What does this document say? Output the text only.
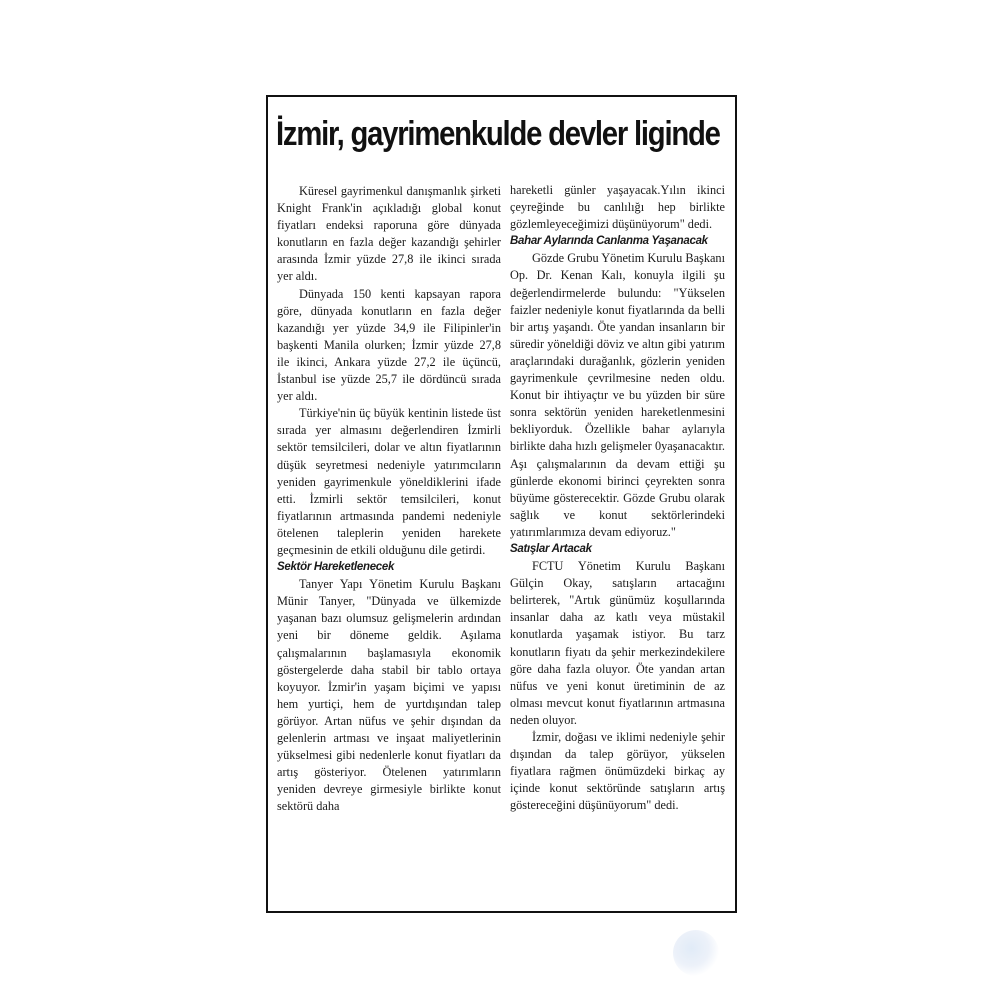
İzmir, gayrimenkulde devler liginde

Küresel gayrimenkul danışmanlık şirketi Knight Frank'in açıkladığı global konut fiyatları endeksi raporuna göre dünyada konutların en fazla değer kazandığı şehirler arasında İzmir yüzde 27,8 ile ikinci sırada yer aldı.

Dünyada 150 kenti kapsayan rapora göre, dünyada konutların en fazla değer kazandığı yer yüzde 34,9 ile Filipinler'in başkenti Manila olurken; İzmir yüzde 27,8 ile ikinci, Ankara yüzde 27,2 ile üçüncü, İstanbul ise yüzde 25,7 ile dördüncü sırada yer aldı.

Türkiye'nin üç büyük kentinin listede üst sırada yer almasını değerlendiren İzmirli sektör temsilcileri, dolar ve altın fiyatlarının düşük seyretmesi nedeniyle yatırımcıların yeniden gayrimenkule yöneldiklerini ifade etti. İzmirli sektör temsilcileri, konut fiyatlarının artmasında pandemi nedeniyle ötelenen taleplerin yeniden hareketе geçmesinin de etkili olduğunu dile getirdi.

Sektör Hareketlenecek

Tanyer Yapı Yönetim Kurulu Başkanı Münir Tanyer, "Dünyada ve ülkemizde yaşanan bazı olumsuz gelişmelerin ardından yeni bir döneme geldik. Aşılama çalışmalarının başlamasıyla ekonomik göstergelerde daha stabil bir tablo ortaya koyuyor. İzmir'in yaşam biçimi ve yapısı hem yurtiçi, hem de yurtdışından talep görüyor. Artan nüfus ve şehir dışından da gelenlerin artması ve inşaat maliyetlerinin yükselmesi gibi nedenlerle konut fiyatları da artış gösteriyor. Ötelenen yatırımların yeniden devreye girmesiyle birlikte konut sektörü daha

hareketli günler yaşayacak.Yılın ikinci çeyreğinde bu canlılığı hep birlikte gözlemleyeceğimizi düşünüyorum" dedi.

Bahar Aylarında Canlanma Yaşanacak

Gözde Grubu Yönetim Kurulu Başkanı Op. Dr. Kenan Kalı, konuyla ilgili şu değerlendirmelerde bulundu: "Yükselen faizler nedeniyle konut fiyatlarında da belli bir artış yaşandı. Öte yandan insanların bir süredir yöneldiği döviz ve altın gibi yatırım araçlarındaki durağanlık, gözlerin yeniden gayrimenkule çevrilmesine neden oldu. Konut bir ihtiyaçtır ve bu yüzden bir süre sonra sektörün yeniden hareketlenmesini bekliyorduk. Özellikle bahar aylarıyla birlikte daha hızlı gelişmeler 0yaşanacaktır. Aşı çalışmalarının da devam ettiği şu günlerde ekonomi birinci çeyrekten sonra büyüme gösterecektir. Gözde Grubu olarak sağlık ve konut sektörlerindeki yatırımlarımıza devam ediyoruz."

Satışlar Artacak

FCTU Yönetim Kurulu Başkanı Gülçin Okay, satışların artacağını belirterek, "Artık günümüz koşullarında insanlar daha az katlı veya müstakil konutlarda yaşamak istiyor. Bu tarz konutların fiyatı da şehir merkezindekilere göre daha fazla oluyor. Öte yandan artan nüfus ve yeni konut üretiminin de az olması mevcut konut fiyatlarının artmasına neden oluyor.

İzmir, doğası ve iklimi nedeniyle şehir dışından da talep görüyor, yükselen fiyatlara rağmen önümüzdeki birkaç ay içinde konut sektöründe satışların artış göstereceğini düşünüyorum" dedi.
